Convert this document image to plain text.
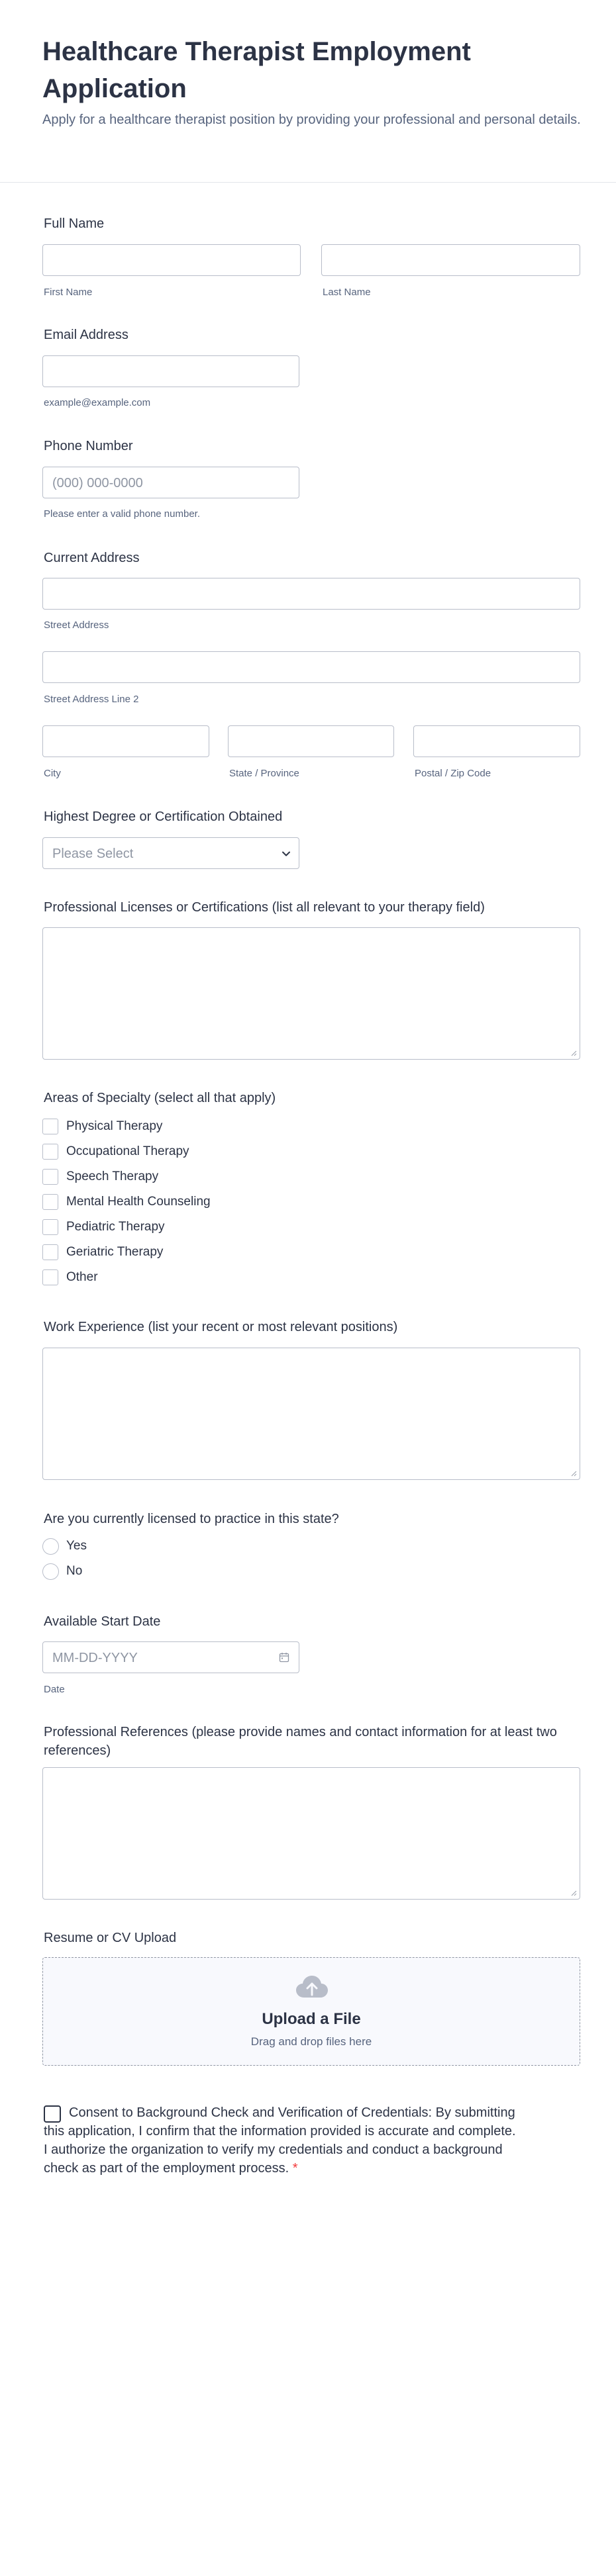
Healthcare Therapist Employment Application
Apply for a healthcare therapist position by providing your professional and personal details.
Full Name
First Name	Last Name
Email Address
example@example.com
Phone Number
(000) 000-0000
Please enter a valid phone number.
Current Address
Street Address
Street Address Line 2
City	State / Province	Postal / Zip Code
Highest Degree or Certification Obtained
Please Select
Professional Licenses or Certifications (list all relevant to your therapy field)
Areas of Specialty (select all that apply)
Physical Therapy
Occupational Therapy
Speech Therapy
Mental Health Counseling
Pediatric Therapy
Geriatric Therapy
Other
Work Experience (list your recent or most relevant positions)
Are you currently licensed to practice in this state?
Yes
No
Available Start Date
MM-DD-YYYY
Date
Professional References (please provide names and contact information for at least two references)
Resume or CV Upload
Upload a File
Drag and drop files here
Consent to Background Check and Verification of Credentials: By submitting this application, I confirm that the information provided is accurate and complete. I authorize the organization to verify my credentials and conduct a background check as part of the employment process. *
